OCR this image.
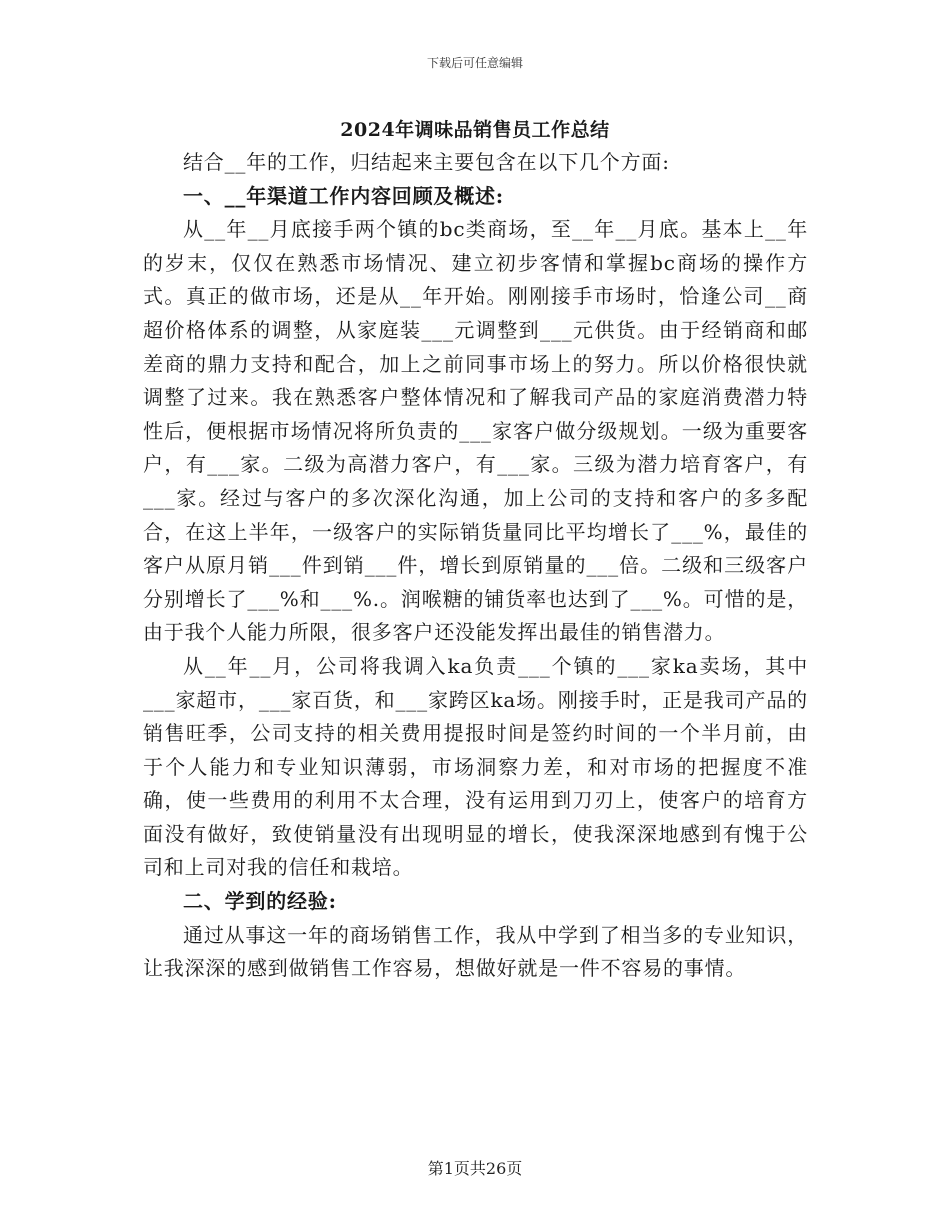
下载后可任意编辑
2024年调味品销售员工作总结

结合__年的工作，归结起来主要包含在以下几个方面:

一、__年渠道工作内容回顾及概述:

从__年__月底接手两个镇的bc类商场，至__年__月底。基本上__年的岁末，仅仅在熟悉市场情况、建立初步客情和掌握bc商场的操作方式。真正的做市场，还是从__年开始。刚刚接手市场时，恰逢公司__商超价格体系的调整，从家庭装___元调整到___元供货。由于经销商和邮差商的鼎力支持和配合，加上之前同事市场上的努力。所以价格很快就调整了过来。我在熟悉客户整体情况和了解我司产品的家庭消费潜力特性后，便根据市场情况将所负责的___家客户做分级规划。一级为重要客户，有___家。二级为高潜力客户，有___家。三级为潜力培育客户，有___家。经过与客户的多次深化沟通，加上公司的支持和客户的多多配合，在这上半年，一级客户的实际销货量同比平均增长了___%，最佳的客户从原月销___件到销___件，增长到原销量的___倍。二级和三级客户分别增长了___%和___%.。润喉糖的铺货率也达到了___%。可惜的是，由于我个人能力所限，很多客户还没能发挥出最佳的销售潜力。

从__年__月，公司将我调入ka负责___个镇的___家ka卖场，其中___家超市，___家百货，和___家跨区ka场。刚接手时，正是我司产品的销售旺季，公司支持的相关费用提报时间是签约时间的一个半月前，由于个人能力和专业知识薄弱，市场洞察力差，和对市场的把握度不准确，使一些费用的利用不太合理，没有运用到刀刃上，使客户的培育方面没有做好，致使销量没有出现明显的增长，使我深深地感到有愧于公司和上司对我的信任和栽培。

二、学到的经验:

通过从事这一年的商场销售工作，我从中学到了相当多的专业知识，让我深深的感到做销售工作容易，想做好就是一件不容易的事情。

第1页共26页
